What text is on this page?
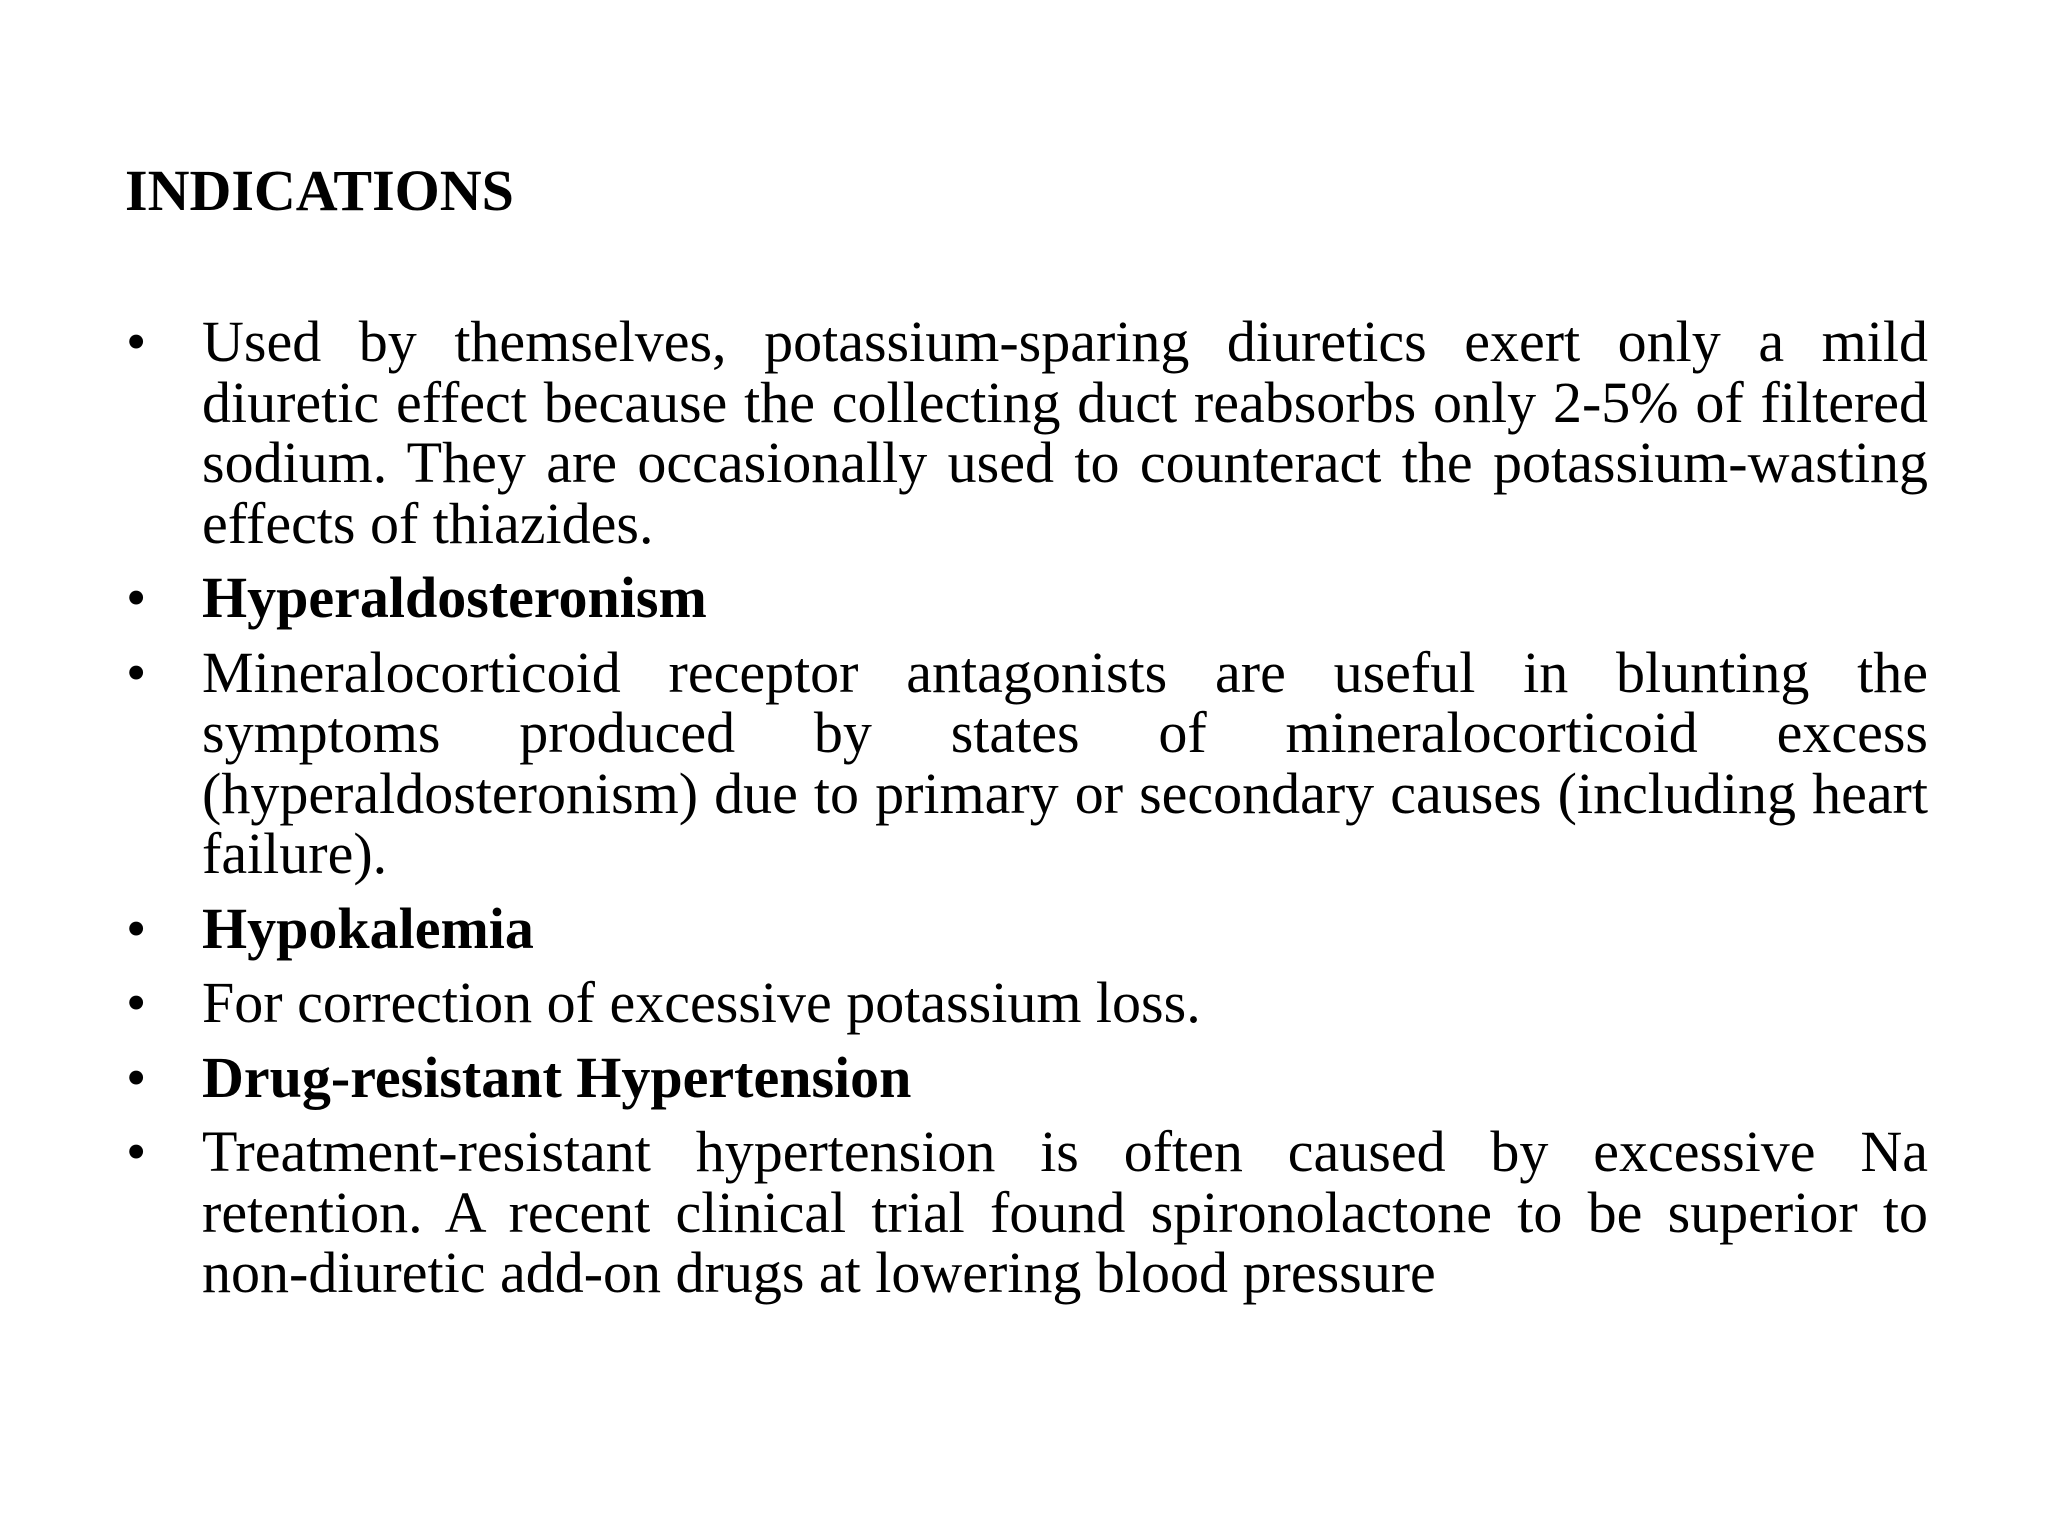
INDICATIONS
• Used by themselves, potassium-sparing diuretics exert only a mild diuretic effect because the collecting duct reabsorbs only 2-5% of filtered sodium. They are occasionally used to counteract the potassium-wasting effects of thiazides.
• Hyperaldosteronism
• Mineralocorticoid receptor antagonists are useful in blunting the symptoms produced by states of mineralocorticoid excess (hyperaldosteronism) due to primary or secondary causes (including heart failure).
• Hypokalemia
• For correction of excessive potassium loss.
• Drug-resistant Hypertension
• Treatment-resistant hypertension is often caused by excessive Na retention. A recent clinical trial found spironolactone to be superior to non-diuretic add-on drugs at lowering blood pressure
